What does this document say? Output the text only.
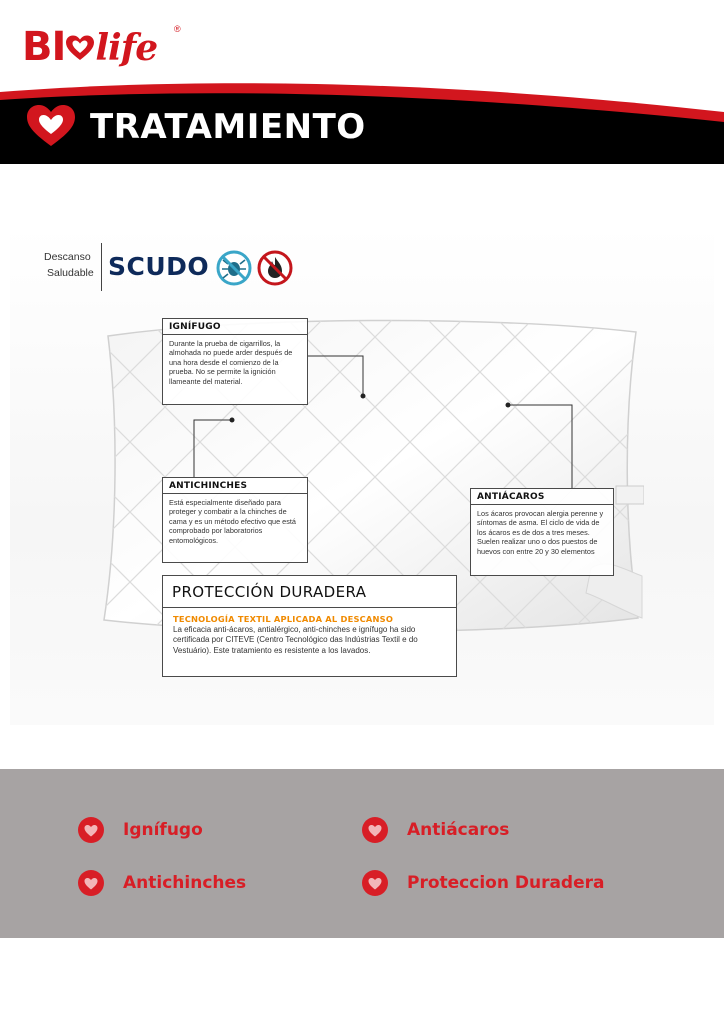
BI life ®
TRATAMIENTO
Descanso
Saludable SCUDO
IGNÍFUGO
Durante la prueba de cigarrillos, la almohada no puede arder después de una hora desde el comienzo de la prueba. No se permite la ignición llameante del material.
ANTICHINCHES
Está especialmente diseñado para proteger y combatir a la chinches de cama y es un método efectivo que está comprobado por laboratorios entomológicos.
ANTIÁCAROS
Los ácaros provocan alergia perenne y síntomas de asma. El ciclo de vida de los ácaros es de dos a tres meses. Suelen realizar uno o dos puestos de huevos con entre 20 y 30 elementos
PROTECCIÓN DURADERA
TECNOLOGÍA TEXTIL APLICADA AL DESCANSO
La eficacia anti-ácaros, antialérgico, anti-chinches e ignífugo ha sido certificada por CITEVE (Centro Tecnológico das Indústrias Textil e do Vestuário). Este tratamiento es resistente a los lavados.
Ignífugo	Antiácaros
Antichinches	Proteccion Duradera
